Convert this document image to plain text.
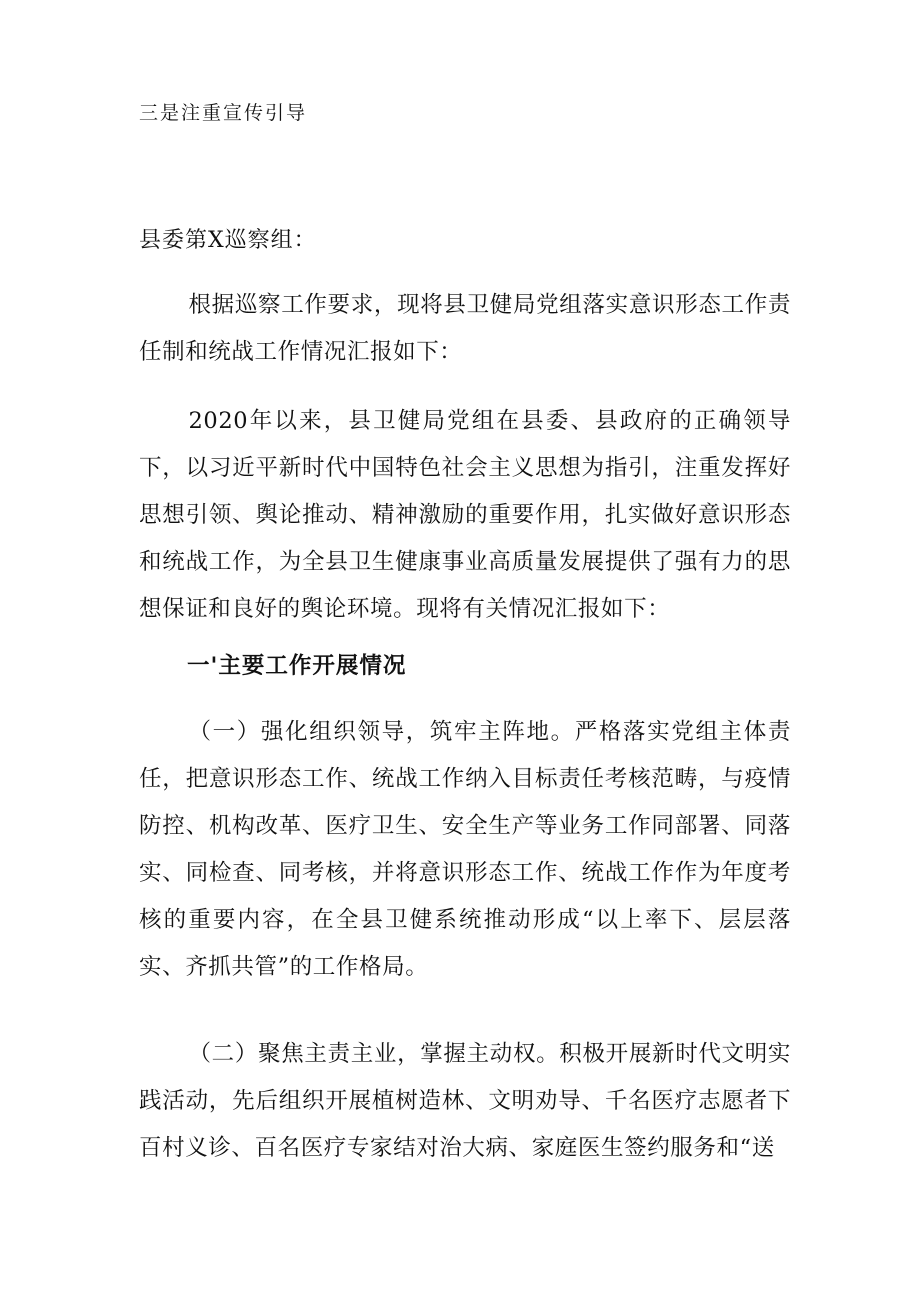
三是注重宣传引导
县委第X巡察组：

根据巡察工作要求，现将县卫健局党组落实意识形态工作责任制和统战工作情况汇报如下：

2020年以来，县卫健局党组在县委、县政府的正确领导下，以习近平新时代中国特色社会主义思想为指引，注重发挥好思想引领、舆论推动、精神激励的重要作用，扎实做好意识形态和统战工作，为全县卫生健康事业高质量发展提供了强有力的思想保证和良好的舆论环境。现将有关情况汇报如下：

一'主要工作开展情况

（一）强化组织领导，筑牢主阵地。严格落实党组主体责任，把意识形态工作、统战工作纳入目标责任考核范畴，与疫情防控、机构改革、医疗卫生、安全生产等业务工作同部署、同落实、同检查、同考核，并将意识形态工作、统战工作作为年度考核的重要内容，在全县卫健系统推动形成“以上率下、层层落实、齐抓共管”的工作格局。

（二）聚焦主责主业，掌握主动权。积极开展新时代文明实践活动，先后组织开展植树造林、文明劝导、千名医疗志愿者下百村义诊、百名医疗专家结对治大病、家庭医生签约服务和“送
